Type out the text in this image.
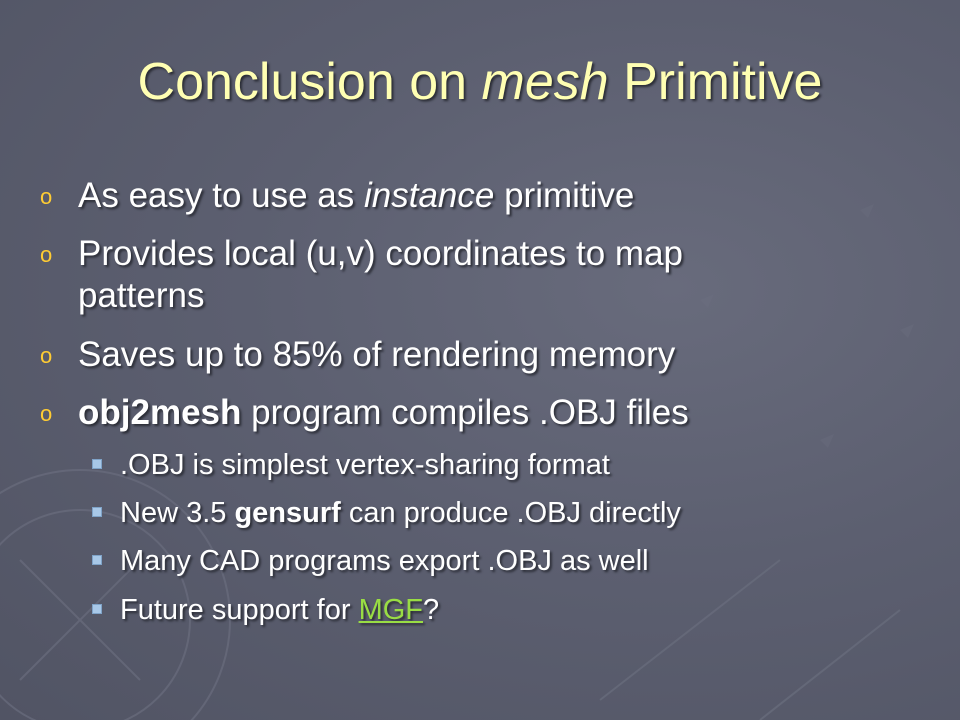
Conclusion on mesh Primitive
o As easy to use as instance primitive
o Provides local (u,v) coordinates to map
patterns
o Saves up to 85% of rendering memory
o obj2mesh program compiles .OBJ files
.OBJ is simplest vertex-sharing format
New 3.5 gensurf can produce .OBJ directly
Many CAD programs export .OBJ as well
Future support for MGF?
